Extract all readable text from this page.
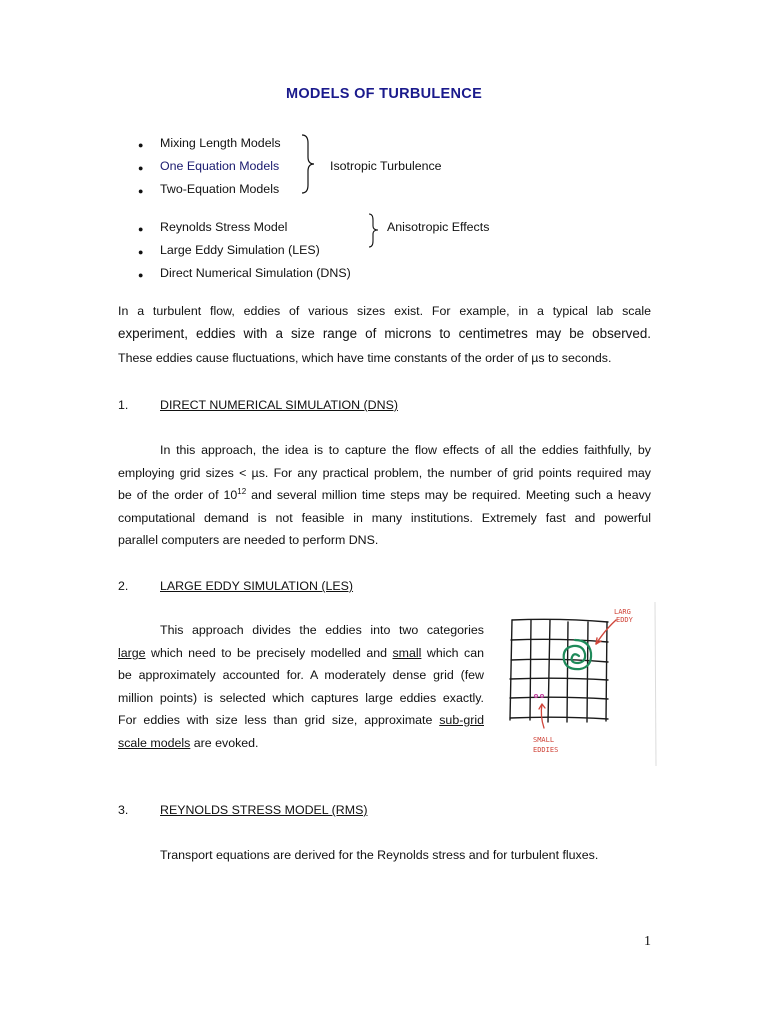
MODELS OF TURBULENCE
● Mixing Length Models
● One Equation Models
● Two-Equation Models
Isotropic Turbulence
● Reynolds Stress Model
● Large Eddy Simulation (LES)
● Direct Numerical Simulation (DNS)
Anisotropic Effects
In a turbulent flow, eddies of various sizes exist. For example, in a typical lab scale
experiment, eddies with a size range of microns to centimetres may be observed.
These eddies cause fluctuations, which have time constants of the order of µs to seconds.
1.	DIRECT NUMERICAL SIMULATION (DNS)
In this approach, the idea is to capture the flow effects of all the eddies faithfully, by
employing grid sizes < µs. For any practical problem, the number of grid points required may
be of the order of $10^{12}$ and several million time steps may be required. Meeting such a heavy
computational demand is not feasible in many institutions. Extremely fast and powerful
parallel computers are needed to perform DNS.
2.	LARGE EDDY SIMULATION (LES)
This approach divides the eddies into two categories
large which need to be precisely modelled and small which can
be approximately accounted for. A moderately dense grid (few
million points) is selected which captures large eddies exactly.
For eddies with size less than grid size, approximate sub-grid
scale models are evoked.
LARG
EDDY
SMALL
EDDIES
3.	REYNOLDS STRESS MODEL (RMS)
Transport equations are derived for the Reynolds stress and for turbulent fluxes.
1
